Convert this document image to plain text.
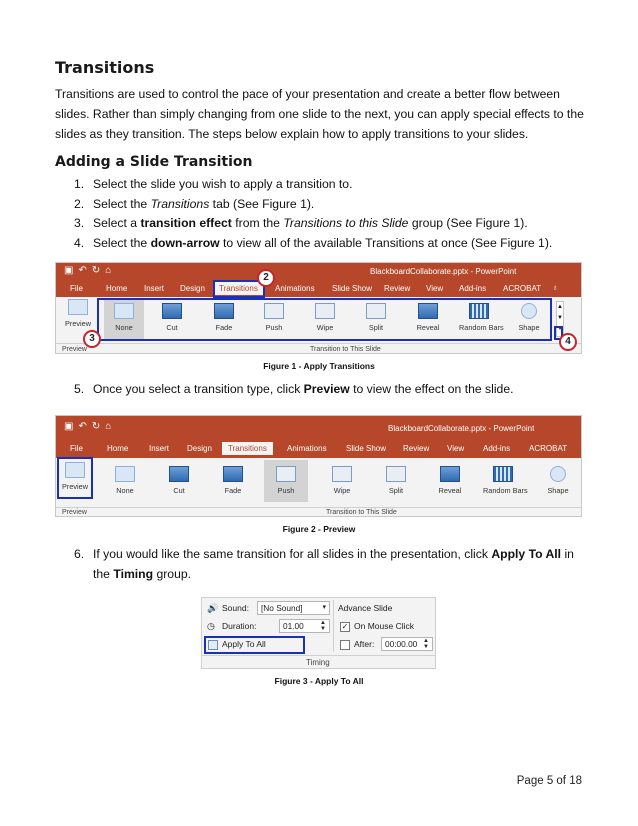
Transitions
Transitions are used to control the pace of your presentation and create a better flow between slides. Rather than simply changing from one slide to the next, you can apply special effects to the slides as they transition. The steps below explain how to apply transitions to your slides.
Adding a Slide Transition
1. Select the slide you wish to apply a transition to.
2. Select the Transitions tab (See Figure 1).
3. Select a transition effect from the Transitions to this Slide group (See Figure 1).
4. Select the down-arrow to view all of the available Transitions at once (See Figure 1).
▣↶↻⌂	BlackboardCollaborate.pptx - PowerPoint
File	Home Insert Design	Transitions	Animations Slide Show Review View Add-ins ACROBAT ♁
Preview	None	Cut	Fade	Push	Wipe	Split	Reveal	Random Bars	Shape
▲
▼
▾
Preview	Transition to This Slide
2
3	4
Figure 1 - Apply Transitions
5. Once you select a transition type, click Preview to view the effect on the slide.
▣↶↻⌂	BlackboardCollaborate.pptx - PowerPoint
File	Home	Insert Design	Transitions	Animations Slide Show Review View Add-ins ACROBAT
Preview	None	Cut	Fade	Push	Wipe	Split	Reveal	Random Bars	Shape
Preview	Transition to This Slide
Figure 2 - Preview
6. If you would like the same transition for all slides in the presentation, click Apply To All in the Timing group.
🔊 Sound:	[No Sound]	▾
◷ Duration:	01.00	▲
▼
Apply To All
Advance Slide
✓ On Mouse Click
After:	00:00.00 ▲
▼
Timing
Figure 3 - Apply To All
Page 5 of 18
